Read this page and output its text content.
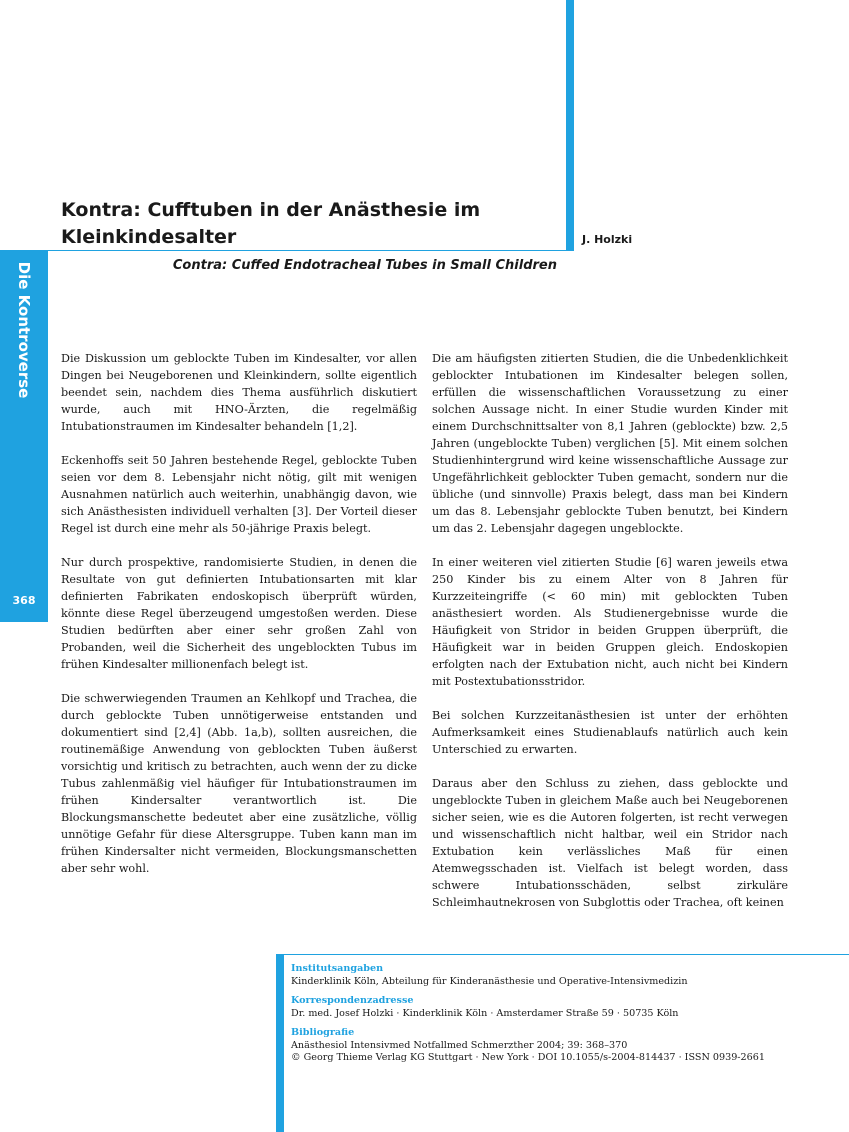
Die Kontroverse
368
Kontra: Cufftuben in der Anästhesie im
Kleinkindesalter	J. Holzki
Contra: Cuffed Endotracheal Tubes in Small Children

Die Diskussion um geblockte Tuben im Kindesalter, vor allen Dingen bei Neugeborenen und Kleinkindern, sollte eigentlich beendet sein, nachdem dies Thema ausführlich diskutiert wurde, auch mit HNO-Ärzten, die regelmäßig Intubationstraumen im Kindesalter behandeln [1,2].

Eckenhoffs seit 50 Jahren bestehende Regel, geblockte Tuben seien vor dem 8. Lebensjahr nicht nötig, gilt mit wenigen Ausnahmen natürlich auch weiterhin, unabhängig davon, wie sich Anästhesisten individuell verhalten [3]. Der Vorteil dieser Regel ist durch eine mehr als 50-jährige Praxis belegt.

Nur durch prospektive, randomisierte Studien, in denen die Resultate von gut definierten Intubationsarten mit klar definierten Fabrikaten endoskopisch überprüft würden, könnte diese Regel überzeugend umgestoßen werden. Diese Studien bedürften aber einer sehr großen Zahl von Probanden, weil die Sicherheit des ungeblockten Tubus im frühen Kindesalter millionenfach belegt ist.

Die schwerwiegenden Traumen an Kehlkopf und Trachea, die durch geblockte Tuben unnötigerweise entstanden und dokumentiert sind [2,4] (Abb. 1a,b), sollten ausreichen, die routinemäßige Anwendung von geblockten Tuben äußerst vorsichtig und kritisch zu betrachten, auch wenn der zu dicke Tubus zahlenmäßig viel häufiger für Intubationstraumen im frühen Kindersalter verantwortlich ist. Die Blockungsmanschette bedeutet aber eine zusätzliche, völlig unnötige Gefahr für diese Altersgruppe. Tuben kann man im frühen Kindersalter nicht vermeiden, Blockungsmanschetten aber sehr wohl.

Die am häufigsten zitierten Studien, die die Unbedenklichkeit geblockter Intubationen im Kindesalter belegen sollen, erfüllen die wissenschaftlichen Voraussetzung zu einer solchen Aussage nicht. In einer Studie wurden Kinder mit einem Durchschnittsalter von 8,1 Jahren (geblockte) bzw. 2,5 Jahren (ungeblockte Tuben) verglichen [5]. Mit einem solchen Studienhintergrund wird keine wissenschaftliche Aussage zur Ungefährlichkeit geblockter Tuben gemacht, sondern nur die übliche (und sinnvolle) Praxis belegt, dass man bei Kindern um das 8. Lebensjahr geblockte Tuben benutzt, bei Kindern um das 2. Lebensjahr dagegen ungeblockte.

In einer weiteren viel zitierten Studie [6] waren jeweils etwa 250 Kinder bis zu einem Alter von 8 Jahren für Kurzzeiteingriffe (< 60 min) mit geblockten Tuben anästhesiert worden. Als Studienergebnisse wurde die Häufigkeit von Stridor in beiden Gruppen überprüft, die Häufigkeit war in beiden Gruppen gleich. Endoskopien erfolgten nach der Extubation nicht, auch nicht bei Kindern mit Postextubationsstridor.

Bei solchen Kurzzeitanästhesien ist unter der erhöhten Aufmerksamkeit eines Studienablaufs natürlich auch kein Unterschied zu erwarten.

Daraus aber den Schluss zu ziehen, dass geblockte und ungeblockte Tuben in gleichem Maße auch bei Neugeborenen sicher seien, wie es die Autoren folgerten, ist recht verwegen und wissenschaftlich nicht haltbar, weil ein Stridor nach Extubation kein verlässliches Maß für einen Atemwegsschaden ist. Vielfach ist belegt worden, dass schwere Intubationsschäden, selbst zirkuläre Schleimhautnekrosen von Subglottis oder Trachea, oft keinen

Institutsangaben
Kinderklinik Köln, Abteilung für Kinderanästhesie und Operative-Intensivmedizin
Korrespondenzadresse
Dr. med. Josef Holzki · Kinderklinik Köln · Amsterdamer Straße 59 · 50735 Köln
Bibliografie
Anästhesiol Intensivmed Notfallmed Schmerzther 2004; 39: 368–370
© Georg Thieme Verlag KG Stuttgart · New York · DOI 10.1055/s-2004-814437 · ISSN 0939-2661
